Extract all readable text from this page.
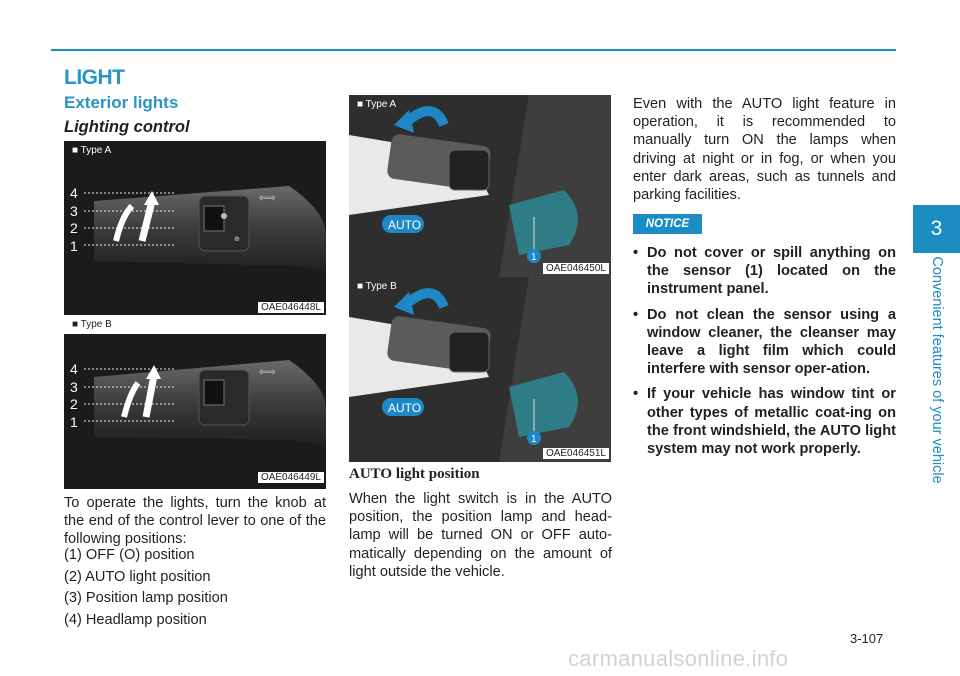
LIGHT
Exterior lights
Lighting control
■ Type A
⇦⇨
⊕
4
3
2
1
OAE046448L
⇦⇨
■ Type B
4
3
2
1
OAE046449L
To operate the lights, turn the knob at the end of the control lever to one of the following positions:
(1) OFF (O) position
(2) AUTO light position
(3) Position lamp position
(4) Headlamp position
1
AUTO
■ Type A
OAE046450L
1
AUTO
■ Type B
OAE046451L
AUTO light position
When the light switch is in the AUTO position, the position lamp and head-lamp will be turned ON or OFF auto-matically depending on the amount of light outside the vehicle.
Even with the AUTO light feature in operation, it is recommended to manually turn ON the lamps when driving at night or in fog, or when you enter dark areas, such as tunnels and parking facilities.
NOTICE
• Do not cover or spill anything on the sensor (1) located on the instrument panel.
• Do not clean the sensor using a window cleaner, the cleanser may leave a light film which could interfere with sensor oper-ation.
• If your vehicle has window tint or other types of metallic coat-ing on the front windshield, the AUTO light system may not work properly.
3
Convenient features of your vehicle
3-107
carmanualsonline.info
